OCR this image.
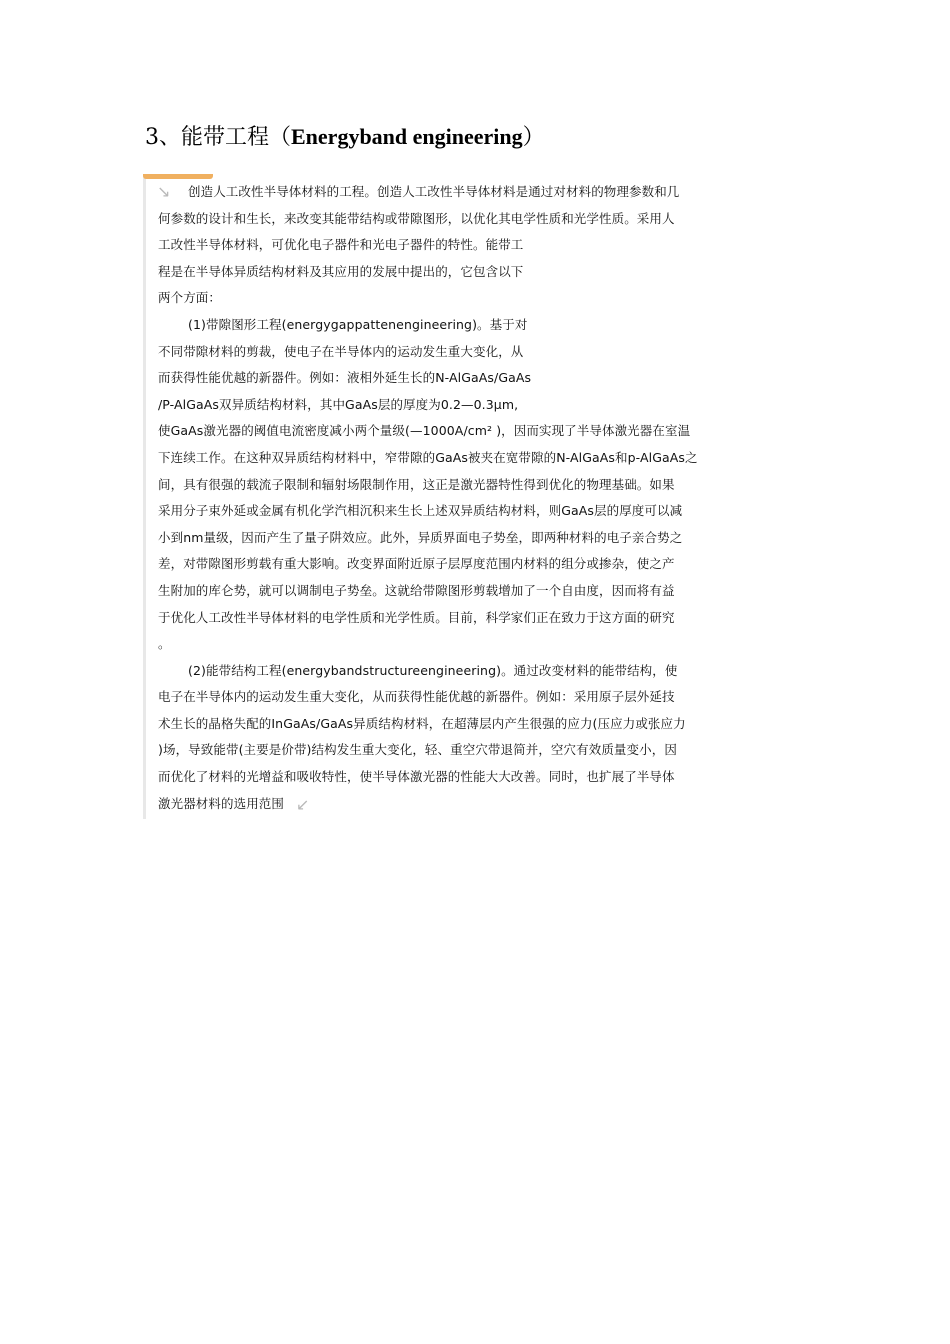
3、能带工程（Energyband engineering）
↘
↙
创造人工改性半导体材料的工程。创造人工改性半导体材料是通过对材料的物理参数和几
何参数的设计和生长，来改变其能带结构或带隙图形，以优化其电学性质和光学性质。采用人
工改性半导体材料，可优化电子器件和光电子器件的特性。能带工
程是在半导体异质结构材料及其应用的发展中提出的，它包含以下
两个方面：
(1)带隙图形工程(energygappattenengineering)。基于对
不同带隙材料的剪裁，使电子在半导体内的运动发生重大变化，从
而获得性能优越的新器件。例如：液相外延生长的N-AlGaAs/GaAs
/P-AlGaAs双异质结构材料，其中GaAs层的厚度为0.2—0.3μm,
使GaAs激光器的阈值电流密度减小两个量级(—1000A/cm² )，因而实现了半导体激光器在室温
下连续工作。在这种双异质结构材料中，窄带隙的GaAs被夹在宽带隙的N-AlGaAs和p-AlGaAs之
间，具有很强的载流子限制和辐射场限制作用，这正是激光器特性得到优化的物理基础。如果
采用分子束外延或金属有机化学汽相沉积来生长上述双异质结构材料，则GaAs层的厚度可以减
小到nm量级，因而产生了量子阱效应。此外，异质界面电子势垒，即两种材料的电子亲合势之
差，对带隙图形剪载有重大影响。改变界面附近原子层厚度范围内材料的组分或掺杂，使之产
生附加的库仑势，就可以调制电子势垒。这就给带隙图形剪载增加了一个自由度，因而将有益
于优化人工改性半导体材料的电学性质和光学性质。目前，科学家们正在致力于这方面的研究
。
(2)能带结构工程(energybandstructureengineering)。通过改变材料的能带结构，使
电子在半导体内的运动发生重大变化，从而获得性能优越的新器件。例如：采用原子层外延技
术生长的晶格失配的InGaAs/GaAs异质结构材料，在超薄层内产生很强的应力(压应力或张应力
)场，导致能带(主要是价带)结构发生重大变化，轻、重空穴带退简并，空穴有效质量变小，因
而优化了材料的光增益和吸收特性，使半导体激光器的性能大大改善。同时，也扩展了半导体
激光器材料的选用范围
